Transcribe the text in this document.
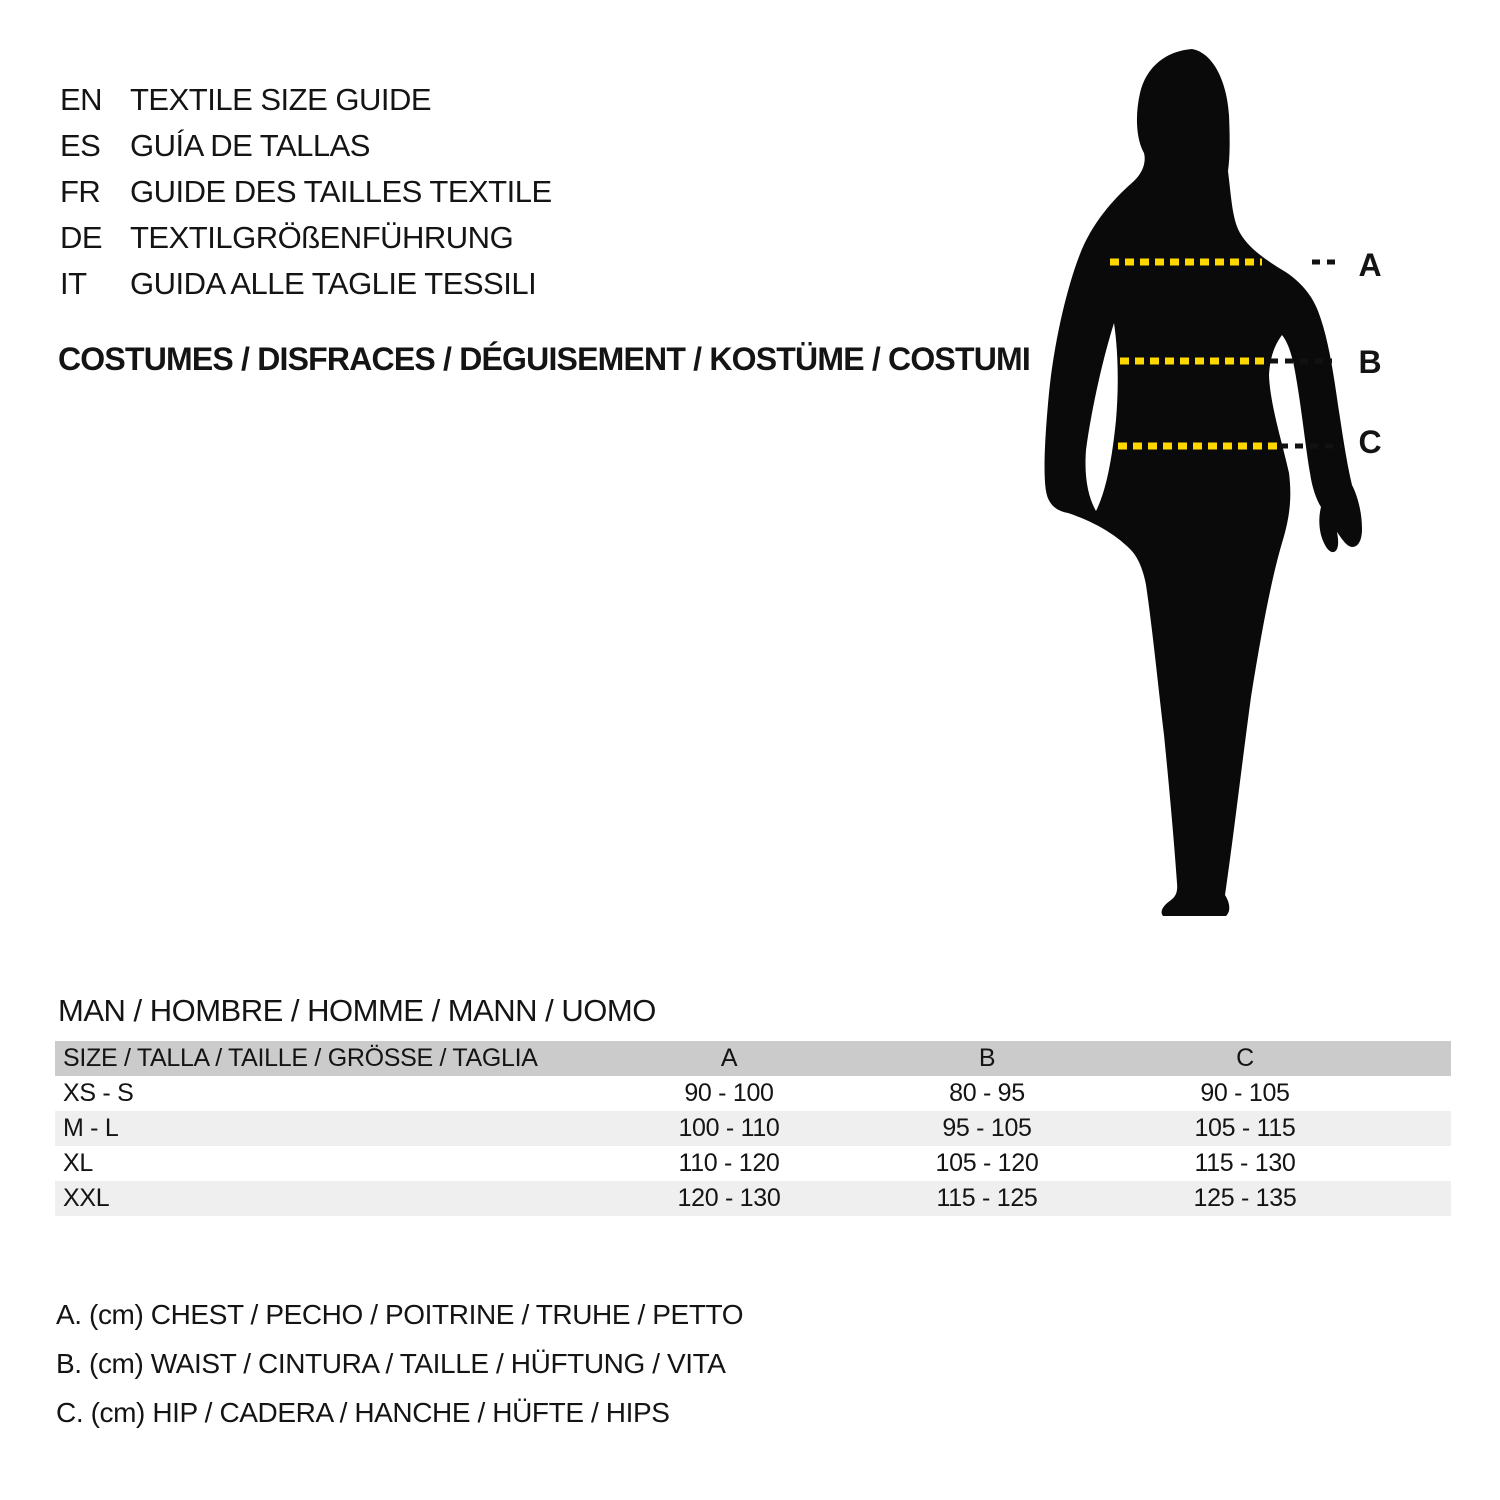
EN TEXTILE SIZE GUIDE
ES GUÍA DE TALLAS
FR GUIDE DES TAILLES TEXTILE
DE TEXTILGRÖßENFÜHRUNG
IT GUIDA ALLE TAGLIE TESSILI
COSTUMES / DISFRACES / DÉGUISEMENT / KOSTÜME / COSTUMI
A
B
C
MAN / HOMBRE / HOMME / MANN / UOMO
SIZE / TALLA / TAILLE / GRÖSSE / TAGLIA	A	B	C
XS - S	90 - 100	80 - 95	90 - 105
M - L	100 - 110	95 - 105	105 - 115
XL	110 - 120	105 - 120	115 - 130
XXL	120 - 130	115 - 125	125 - 135
A. (cm) CHEST / PECHO / POITRINE / TRUHE / PETTO
B. (cm) WAIST / CINTURA / TAILLE / HÜFTUNG / VITA
C. (cm) HIP / CADERA / HANCHE / HÜFTE / HIPS
